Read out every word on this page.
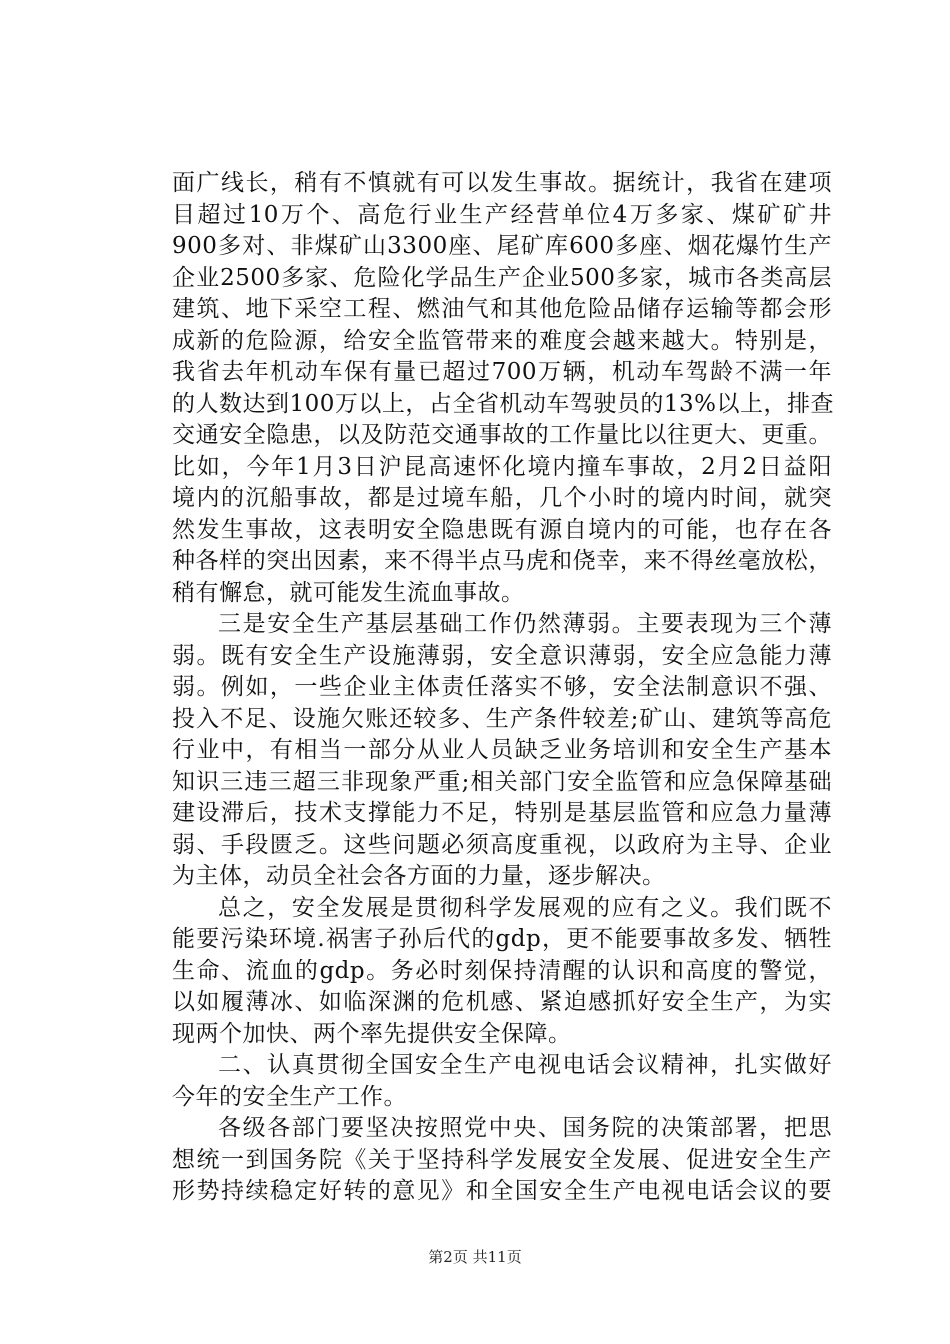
面广线长，稍有不慎就有可以发生事故。据统计，我省在建项
目超过10万个、高危行业生产经营单位4万多家、煤矿矿井
900多对、非煤矿山3300座、尾矿库600多座、烟花爆竹生产
企业2500多家、危险化学品生产企业500多家，城市各类高层
建筑、地下采空工程、燃油气和其他危险品储存运输等都会形
成新的危险源，给安全监管带来的难度会越来越大。特别是，
我省去年机动车保有量已超过700万辆，机动车驾龄不满一年
的人数达到100万以上，占全省机动车驾驶员的13%以上，排查
交通安全隐患，以及防范交通事故的工作量比以往更大、更重。
比如，今年1月3日沪昆高速怀化境内撞车事故，2月2日益阳
境内的沉船事故，都是过境车船，几个小时的境内时间，就突
然发生事故，这表明安全隐患既有源自境内的可能，也存在各
种各样的突出因素，来不得半点马虎和侥幸，来不得丝毫放松，
稍有懈怠，就可能发生流血事故。
三是安全生产基层基础工作仍然薄弱。主要表现为三个薄
弱。既有安全生产设施薄弱，安全意识薄弱，安全应急能力薄
弱。例如，一些企业主体责任落实不够，安全法制意识不强、
投入不足、设施欠账还较多、生产条件较差;矿山、建筑等高危
行业中，有相当一部分从业人员缺乏业务培训和安全生产基本
知识三违三超三非现象严重;相关部门安全监管和应急保障基础
建设滞后，技术支撑能力不足，特别是基层监管和应急力量薄
弱、手段匮乏。这些问题必须高度重视，以政府为主导、企业
为主体，动员全社会各方面的力量，逐步解决。
总之，安全发展是贯彻科学发展观的应有之义。我们既不
能要污染环境.祸害子孙后代的gdp，更不能要事故多发、牺牲
生命、流血的gdp。务必时刻保持清醒的认识和高度的警觉，
以如履薄冰、如临深渊的危机感、紧迫感抓好安全生产，为实
现两个加快、两个率先提供安全保障。
二、认真贯彻全国安全生产电视电话会议精神，扎实做好
今年的安全生产工作。
各级各部门要坚决按照党中央、国务院的决策部署，把思
想统一到国务院《关于坚持科学发展安全发展、促进安全生产
形势持续稳定好转的意见》和全国安全生产电视电话会议的要
第2页 共11页
